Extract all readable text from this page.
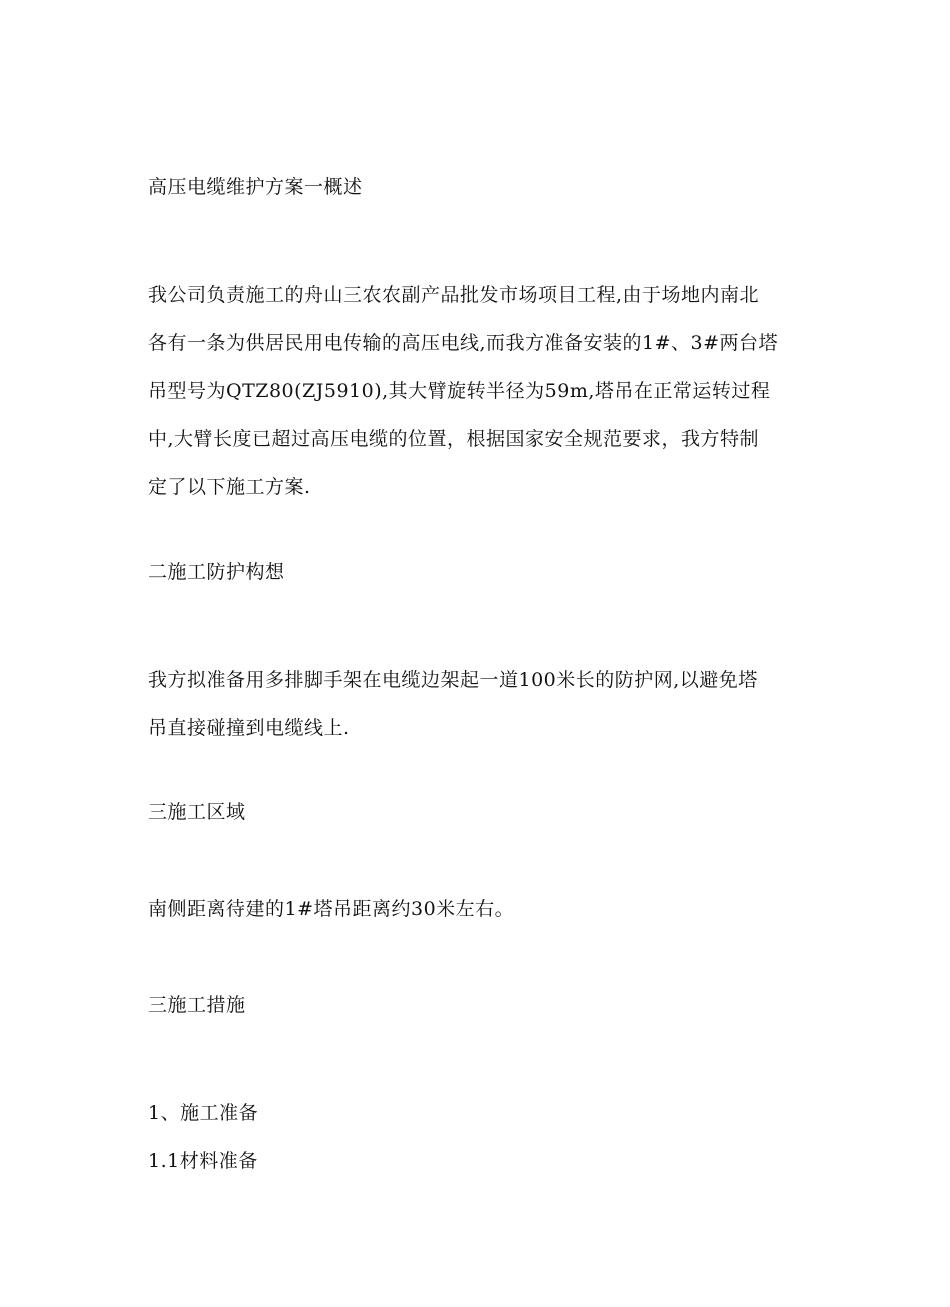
高压电缆维护方案一概述
我公司负责施工的舟山三农农副产品批发市场项目工程,由于场地内南北
各有一条为供居民用电传输的高压电线,而我方准备安装的1#、3#两台塔
吊型号为QTZ80(ZJ5910),其大臂旋转半径为59m,塔吊在正常运转过程
中,大臂长度已超过高压电缆的位置，根据国家安全规范要求，我方特制
定了以下施工方案.
二施工防护构想
我方拟准备用多排脚手架在电缆边架起一道100米长的防护网,以避免塔
吊直接碰撞到电缆线上.
三施工区域
南侧距离待建的1#塔吊距离约30米左右。
三施工措施
1、施工准备
1.1材料准备
